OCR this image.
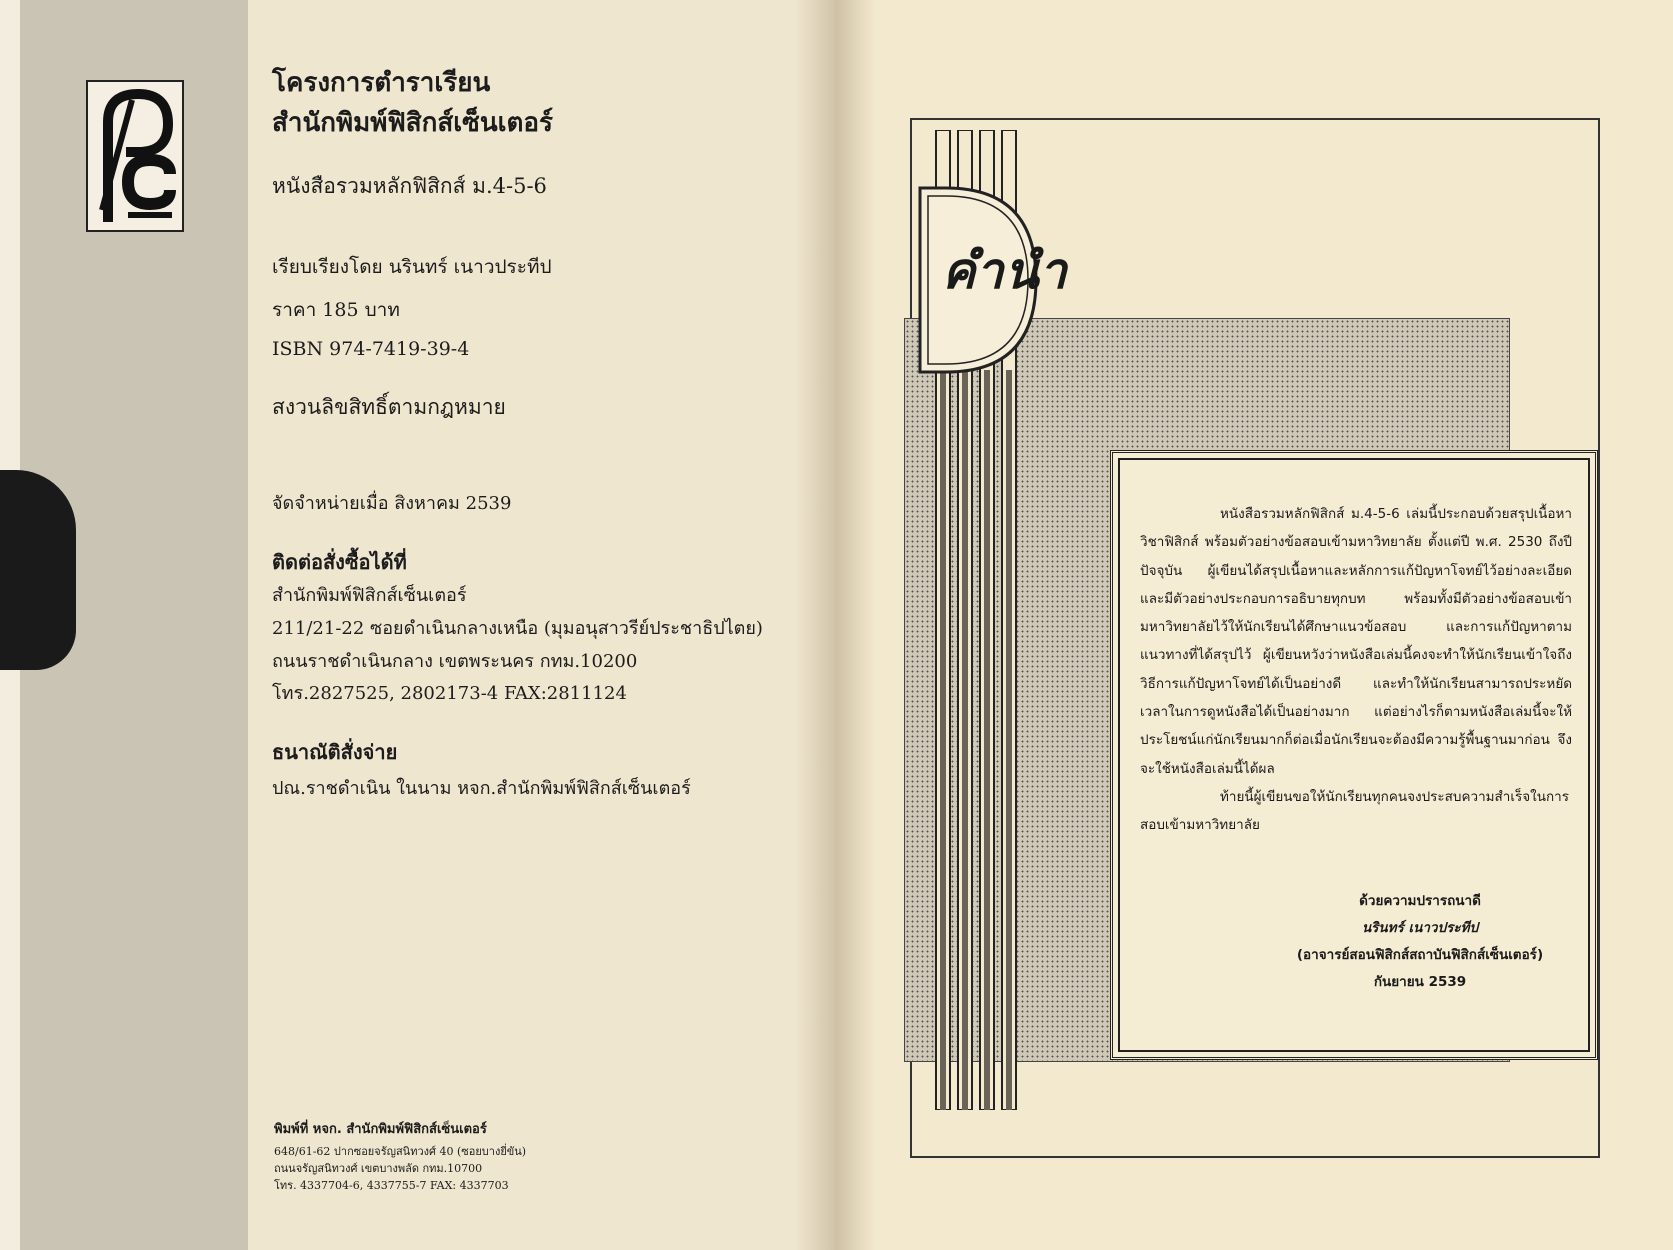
โครงการตำราเรียน
สำนักพิมพ์ฟิสิกส์เซ็นเตอร์
หนังสือรวมหลักฟิสิกส์ ม.4-5-6
เรียบเรียงโดย นรินทร์ เนาวประทีป
ราคา 185 บาท
ISBN 974-7419-39-4
สงวนลิขสิทธิ์ตามกฎหมาย
จัดจำหน่ายเมื่อ สิงหาคม 2539
ติดต่อสั่งซื้อได้ที่
สำนักพิมพ์ฟิสิกส์เซ็นเตอร์
211/21-22 ซอยดำเนินกลางเหนือ (มุมอนุสาวรีย์ประชาธิปไตย)
ถนนราชดำเนินกลาง เขตพระนคร กทม.10200
โทร.2827525, 2802173-4 FAX:2811124
ธนาณัติสั่งจ่าย
ปณ.ราชดำเนิน ในนาม หจก.สำนักพิมพ์ฟิสิกส์เซ็นเตอร์
พิมพ์ที่ หจก. สำนักพิมพ์ฟิสิกส์เซ็นเตอร์
648/61-62 ปากซอยจรัญสนิทวงศ์ 40 (ซอยบางยี่ขัน)
ถนนจรัญสนิทวงศ์ เขตบางพลัด กทม.10700
โทร. 4337704-6, 4337755-7 FAX: 4337703
คำนำ
หนังสือรวมหลักฟิสิกส์ ม.4-5-6 เล่มนี้ประกอบด้วยสรุปเนื้อหาวิชาฟิสิกส์ พร้อมตัวอย่างข้อสอบเข้ามหาวิทยาลัย ตั้งแต่ปี พ.ศ. 2530 ถึงปีปัจจุบัน ผู้เขียนได้สรุปเนื้อหาและหลักการแก้ปัญหาโจทย์ไว้อย่างละเอียด และมีตัวอย่างประกอบการอธิบายทุกบท พร้อมทั้งมีตัวอย่างข้อสอบเข้ามหาวิทยาลัยไว้ให้นักเรียนได้ศึกษาแนวข้อสอบ และการแก้ปัญหาตามแนวทางที่ได้สรุปไว้ ผู้เขียนหวังว่าหนังสือเล่มนี้คงจะทำให้นักเรียนเข้าใจถึงวิธีการแก้ปัญหาโจทย์ได้เป็นอย่างดี และทำให้นักเรียนสามารถประหยัดเวลาในการดูหนังสือได้เป็นอย่างมาก แต่อย่างไรก็ตามหนังสือเล่มนี้จะให้ประโยชน์แก่นักเรียนมากก็ต่อเมื่อนักเรียนจะต้องมีความรู้พื้นฐานมาก่อน จึงจะใช้หนังสือเล่มนี้ได้ผล
ท้ายนี้ผู้เขียนขอให้นักเรียนทุกคนจงประสบความสำเร็จในการสอบเข้ามหาวิทยาลัย
ด้วยความปรารถนาดี
นรินทร์ เนาวประทีป
(อาจารย์สอนฟิสิกส์สถาบันฟิสิกส์เซ็นเตอร์)
กันยายน 2539
